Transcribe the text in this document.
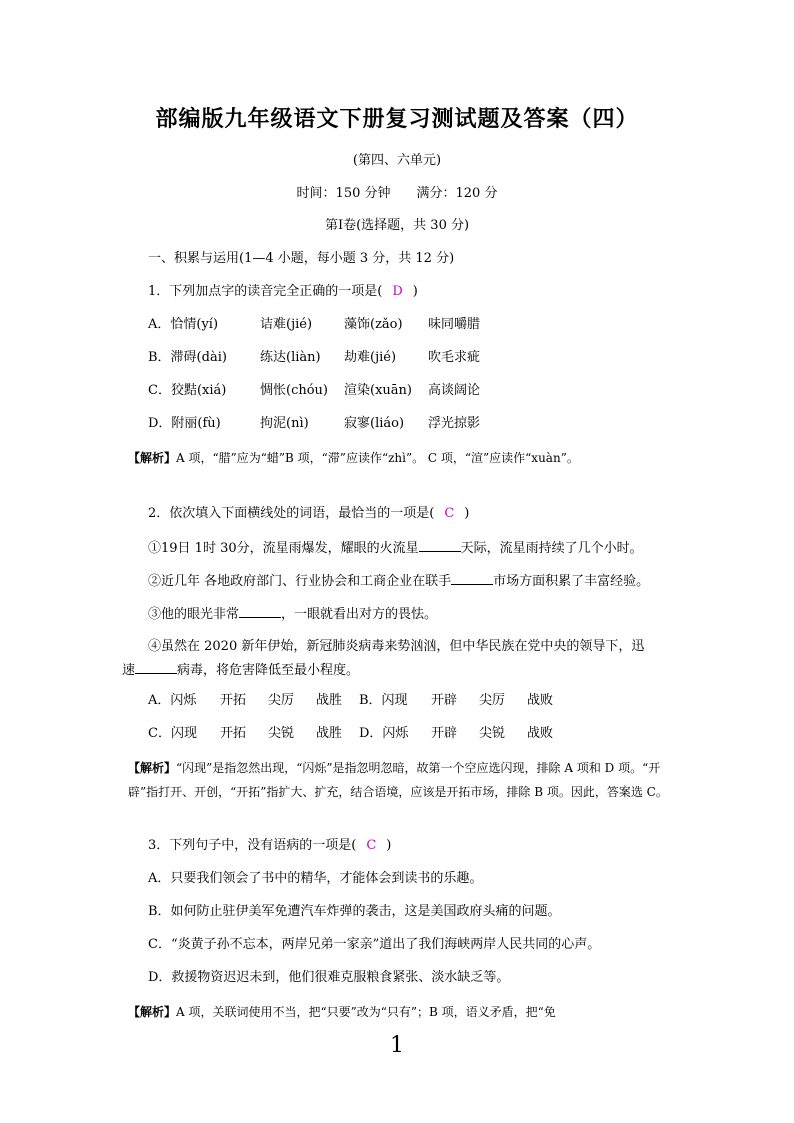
部编版九年级语文下册复习测试题及答案（四）
(第四、六单元)
时间：150 分钟　　满分：120 分
第Ⅰ卷(选择题，共 30 分)
一、积累与运用(1—4 小题，每小题 3 分，共 12 分)
1．下列加点字的读音完全正确的一项是( D )
A．恰情(yí)	诘难(jié) 藻饰(zǎo) 味同嚼腊
B．滞碍(dài)	练达(liàn) 劫难(jié) 吹毛求疵
C．狡黠(xiá)	惆怅(chóu) 渲染(xuān) 高谈阔论
D．附丽(fù)	拘泥(nì)	寂寥(liáo) 浮光掠影
【解析】A 项，“腊”应为“蜡”B 项，“滞”应读作“zhì”。 C 项，“渲”应读作“xuàn”。
2．依次填入下面横线处的词语，最恰当的一项是( C )
①19日 1时 30分，流星雨爆发，耀眼的火流星	天际，流星雨持续了几个小时。
②近几年 各地政府部门、行业协会和工商企业在联手	市场方面积累了丰富经验。
③他的眼光非常	，一眼就看出对方的畏怯。
④虽然在 2020 新年伊始，新冠肺炎病毒来势汹汹，但中华民族在党中央的领导下，迅
速	病毒，将危害降低至最小程度。
A．闪烁 开拓 尖厉 战胜 B．闪现 开辟 尖厉 战败
C．闪现 开拓 尖锐 战胜 D．闪烁 开辟 尖锐 战败
【解析】“闪现”是指忽然出现，“闪烁”是指忽明忽暗，故第一个空应选闪现，排除 A 项和 D 项。“开辟”指打开、开创，“开拓”指扩大、扩充，结合语境，应该是开拓市场，排除 B 项。因此，答案选 C。
3．下列句子中，没有语病的一项是( C )
A．只要我们领会了书中的精华，才能体会到读书的乐趣。
B．如何防止驻伊美军免遭汽车炸弹的袭击，这是美国政府头痛的问题。
C．“炎黄子孙不忘本，两岸兄弟一家亲”道出了我们海峡两岸人民共同的心声。
D．救援物资迟迟未到，他们很难克服粮食紧张、淡水缺乏等。
【解析】A 项，关联词使用不当，把“只要”改为“只有”；B 项，语义矛盾，把“免
1
